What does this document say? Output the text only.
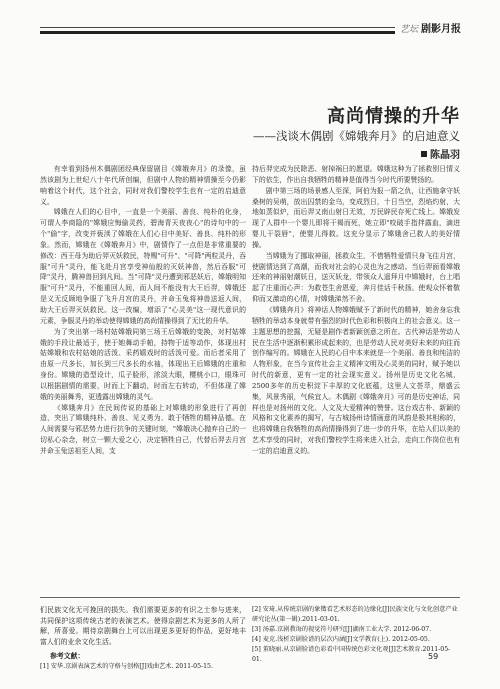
艺坛 剧影月报
高尚情操的升华
——浅谈木偶剧《嫦娥奔月》的启迪意义
陈晶羽

有幸看到扬州木偶剧团经典保留剧目《嫦娥奔月》的录像，虽然该剧为上世纪八十年代所创编，但剧中人物的精神情操至今仍影响着这个时代，这个社会，同时对我们警校学生也有一定的启迪意义。

嫦娥在人们的心目中，一直是一个美丽、善良、纯朴的化身，可谓人李商隐的"嫦娥应悔偷灵药，碧海青天夜夜心"的诗句中的一个"偷"字，改变并亵渎了嫦娥在人们心目中美好、善良、纯朴的形象。然而，嫦娥在《嫦娥奔月》中，剧情作了一点但是非常重要的修改：西王母为助后羿灭妖救民，特赐"可升"、"可降"两粒灵丹，吞服"可升"灵丹，能飞赴月宫享受神仙般的灭妖神兽，然后吞服"可降"灵丹，腾神兽回到凡间。当"可降"灵丹遭到邪恶妖后，嫦娥明知服"可升"灵丹，不能重回人间，而人间不能没有大王后羿，嫦娥还是义无反顾地争服了飞升月宫的灵丹，并命玉兔将神兽送返人间，助大王后羿灭妖救民。这一改编，增添了"心灵美"这一现代意识的元素，争服灵丹的举动使得嫦娥的高尚情操得到了无比的升华。

为了突出第一场村姑嫦娥同第三场王后嫦娥的变换，对村姑嫦娥的手段让最适于，使于她舞动手帕，持物于适等动作，体现出村姑嫦娥和农村姑娘的活泼、采药嬉戏时的活泼可爱。而后者采用了由原一尺多长，加长到三尺多长的水袖，体现出王后嫦娥的庄重和身份。嫦娥的造型设计，瓜子脸形，浓淡大眼，樱桃小口，眼珠可以根据剧情的需要，时而上下翻动，时而左右转动，不但体现了嫦娥的美丽舞秀，更透露出嫦娥的灵气。

《嫦娥奔月》在民间传说的基础上对嫦娥的形象进行了再创造，突出了嫦娥纯朴、善良、见义勇为、敢于牺牲的精神品德。在人间需要与邪恶势力进行抗争的关键时刻，"嫦娥决心抛弃自己的一切私心杂念，树立一颗大爱之心，决定牺牲自己，代替后羿去月宫并命玉兔送祖至人间，支

持后羿完成为民除恶、射掉祸日的愿望。嫦娥这种为了拯救别日情义下的依生，作出自我牺牲的精神是值得当今时代所要赞扬的。

剧中第三场的场景感人至深，阿伯为报一箭之仇，让西施拿守妖桑树的吴萌，放出囚禁的金乌，变成烈日，十日当空，烈焰灼射，大地如蒸似炉，而后羿又南山射日无效，万民辟民存死亡线上。嫦娥发现了人群中一个婴儿即将干褐而死，她立即"咬破手指拌露血，滴进婴儿干裂唇"，使婴儿得救。这充分显示了嫦娥舍己救人的美好情操。

当嫦娥为了挪取神丽，拯救众生，不惜牺牲爱情只身飞往月宫，使剧情达到了高潮，而我对社会的心灵也为之感动。当后羿面看嫦娥还来的神丽射潮妖日，送灭妖龙，带领众人遥拜月中嫦娥时，台上唱起了庄重而心声：为救苍生舍恩爱，奔月佳话千秋扬。使观众怀着敬仰而又激动的心情，对嫦娥涕然不舍。

《嫦娥奔月》将神话人物嫦娥赋予了新时代的精神，她舍身忘我牺牲的举动本身就带有强烈的时代色彩和积极向上的社会意义。这一主题思想的挖掘，无疑是剧作者新颖创意之所在。古代神话是劳动人民在生活中逐渐积累形成起来的，也是劳动人民对美好未来的向往而创作编写的。嫦娥在人民的心目中本来就是一个美丽、善良和纯洁的人物形象，在当今宣传社会主义精神文明及心灵美的同时，赋予她以时代的新意，更有一定的社会现实意义。扬州是历史文化名城，2500多年的历史积淀下丰厚的文化底蕴，这里人文荟萃，鼎盛云集，风景秀丽，气候宜人。木偶剧《嫦娥奔月》可的是历史神话，同样也是对扬州的文化、人文及大爱精神的赞誉。这台戏古朴、新颖的风格和文化素养的揭写，与古城扬州诗情画意的风韵是极其相称的，也将嫦娥自我牺牲的高尚情操得到了进一步的升华，在给人们以美的艺术享受的同时，对我们警校学生将来进入社会，走向工作岗位也有一定的启迪意义的。

们民族文化无可挽回的损失。我们需要更多的有识之士参与进来，共同保护这项传统古老的表演艺术。使得京剧艺术为更多的人所了解，所喜爱。期待京剧舞台上可以出现更多更好的作品，更好地丰富人们的业余文化生活。

参考文献：
[1] 安华.京剧表演艺术的守格与创格[J]戏曲艺术. 2011-05-15.
[2] 安琦.从传统京剧的象徵看艺术形态的边缘化[J]民族文化与文化创意产业研究论丛(第一辑).2011-03-01.
[3] 汤嘉.京剧教诲的视觉符号研究[J]湖南工业大学. 2012-06-07.
[4] 麦克.浅析京剧脸谱的层次内涵[J]文学教育(上). 2012-05-05.
[5] 董晓丽.从京剧脸谱色彩看中国传统色彩文化观[J]艺术教育.2011-05-01.	59
